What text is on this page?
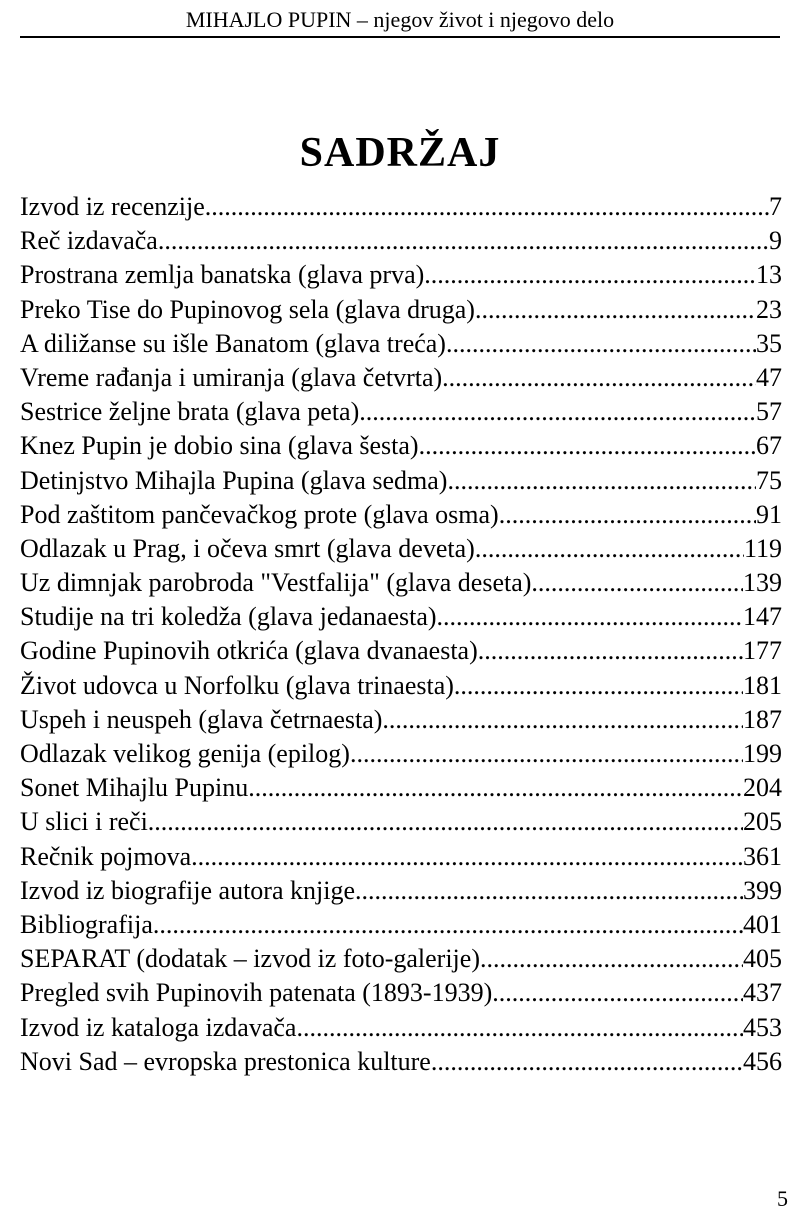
MIHAJLO PUPIN – njegov život i njegovo delo
SADRŽAJ
Izvod iz recenzije .....	7
Reč izdavača .....	9
Prostrana zemlja banatska (glava prva) .....	13
Preko Tise do Pupinovog sela (glava druga) .....	23
A diližanse su išle Banatom (glava treća) .....	35
Vreme rađanja i umiranja (glava četvrta) .....	47
Sestrice željne brata (glava peta) .....	57
Knez Pupin je dobio sina (glava šesta) .....	67
Detinjstvo Mihajla Pupina (glava sedma) .....	75
Pod zaštitom pančevačkog prote (glava osma) .....	91
Odlazak u Prag, i očeva smrt (glava deveta) .....	119
Uz dimnjak parobroda "Vestfalija" (glava deseta) .....	139
Studije na tri koledža (glava jedanaesta) .....	147
Godine Pupinovih otkrića (glava dvanaesta) .....	177
Život udovca u Norfolku (glava trinaesta) .....	181
Uspeh i neuspeh (glava četrnaesta) .....	187
Odlazak velikog genija (epilog) .....	199
Sonet Mihajlu Pupinu .....	204
U slici i reči .....	205
Rečnik pojmova .....	361
Izvod iz biografije autora knjige .....	399
Bibliografija .....	401
SEPARAT (dodatak – izvod iz foto-galerije) .....	405
Pregled svih Pupinovih patenata (1893-1939) .....	437
Izvod iz kataloga izdavača .....	453
Novi Sad – evropska prestonica kulture .....	456
5
